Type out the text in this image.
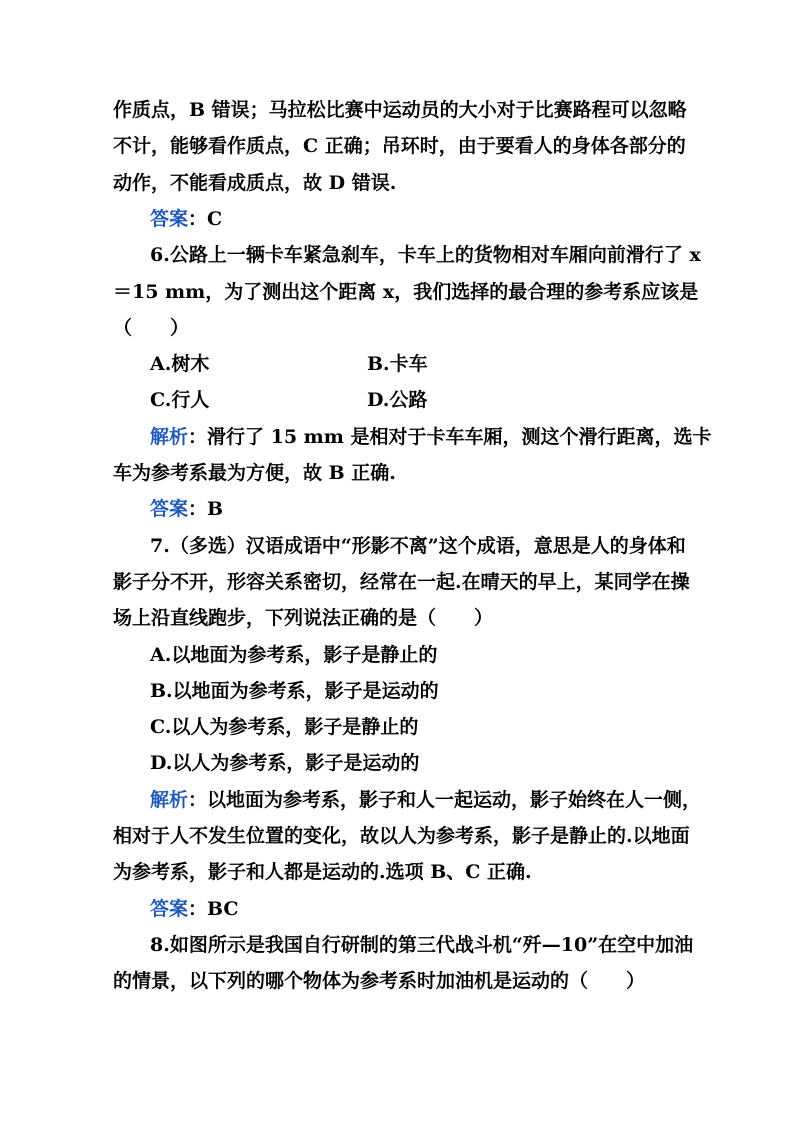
作质点，B 错误；马拉松比赛中运动员的大小对于比赛路程可以忽略
不计，能够看作质点，C 正确；吊环时，由于要看人的身体各部分的
动作，不能看成质点，故 D 错误.
答案：C
6.公路上一辆卡车紧急刹车，卡车上的货物相对车厢向前滑行了 x
＝15 mm，为了测出这个距离 x，我们选择的最合理的参考系应该是
（　　）
A.树木	B.卡车
C.行人	D.公路
解析：滑行了 15 mm 是相对于卡车车厢，测这个滑行距离，选卡
车为参考系最为方便，故 B 正确.
答案：B
7.（多选）汉语成语中“形影不离”这个成语，意思是人的身体和
影子分不开，形容关系密切，经常在一起.在晴天的早上，某同学在操
场上沿直线跑步，下列说法正确的是（　　）
A.以地面为参考系，影子是静止的
B.以地面为参考系，影子是运动的
C.以人为参考系，影子是静止的
D.以人为参考系，影子是运动的
解析：以地面为参考系，影子和人一起运动，影子始终在人一侧，
相对于人不发生位置的变化，故以人为参考系，影子是静止的.以地面
为参考系，影子和人都是运动的.选项 B、C 正确.
答案：BC
8.如图所示是我国自行研制的第三代战斗机“歼—10”在空中加油
的情景，以下列的哪个物体为参考系时加油机是运动的（　　）
